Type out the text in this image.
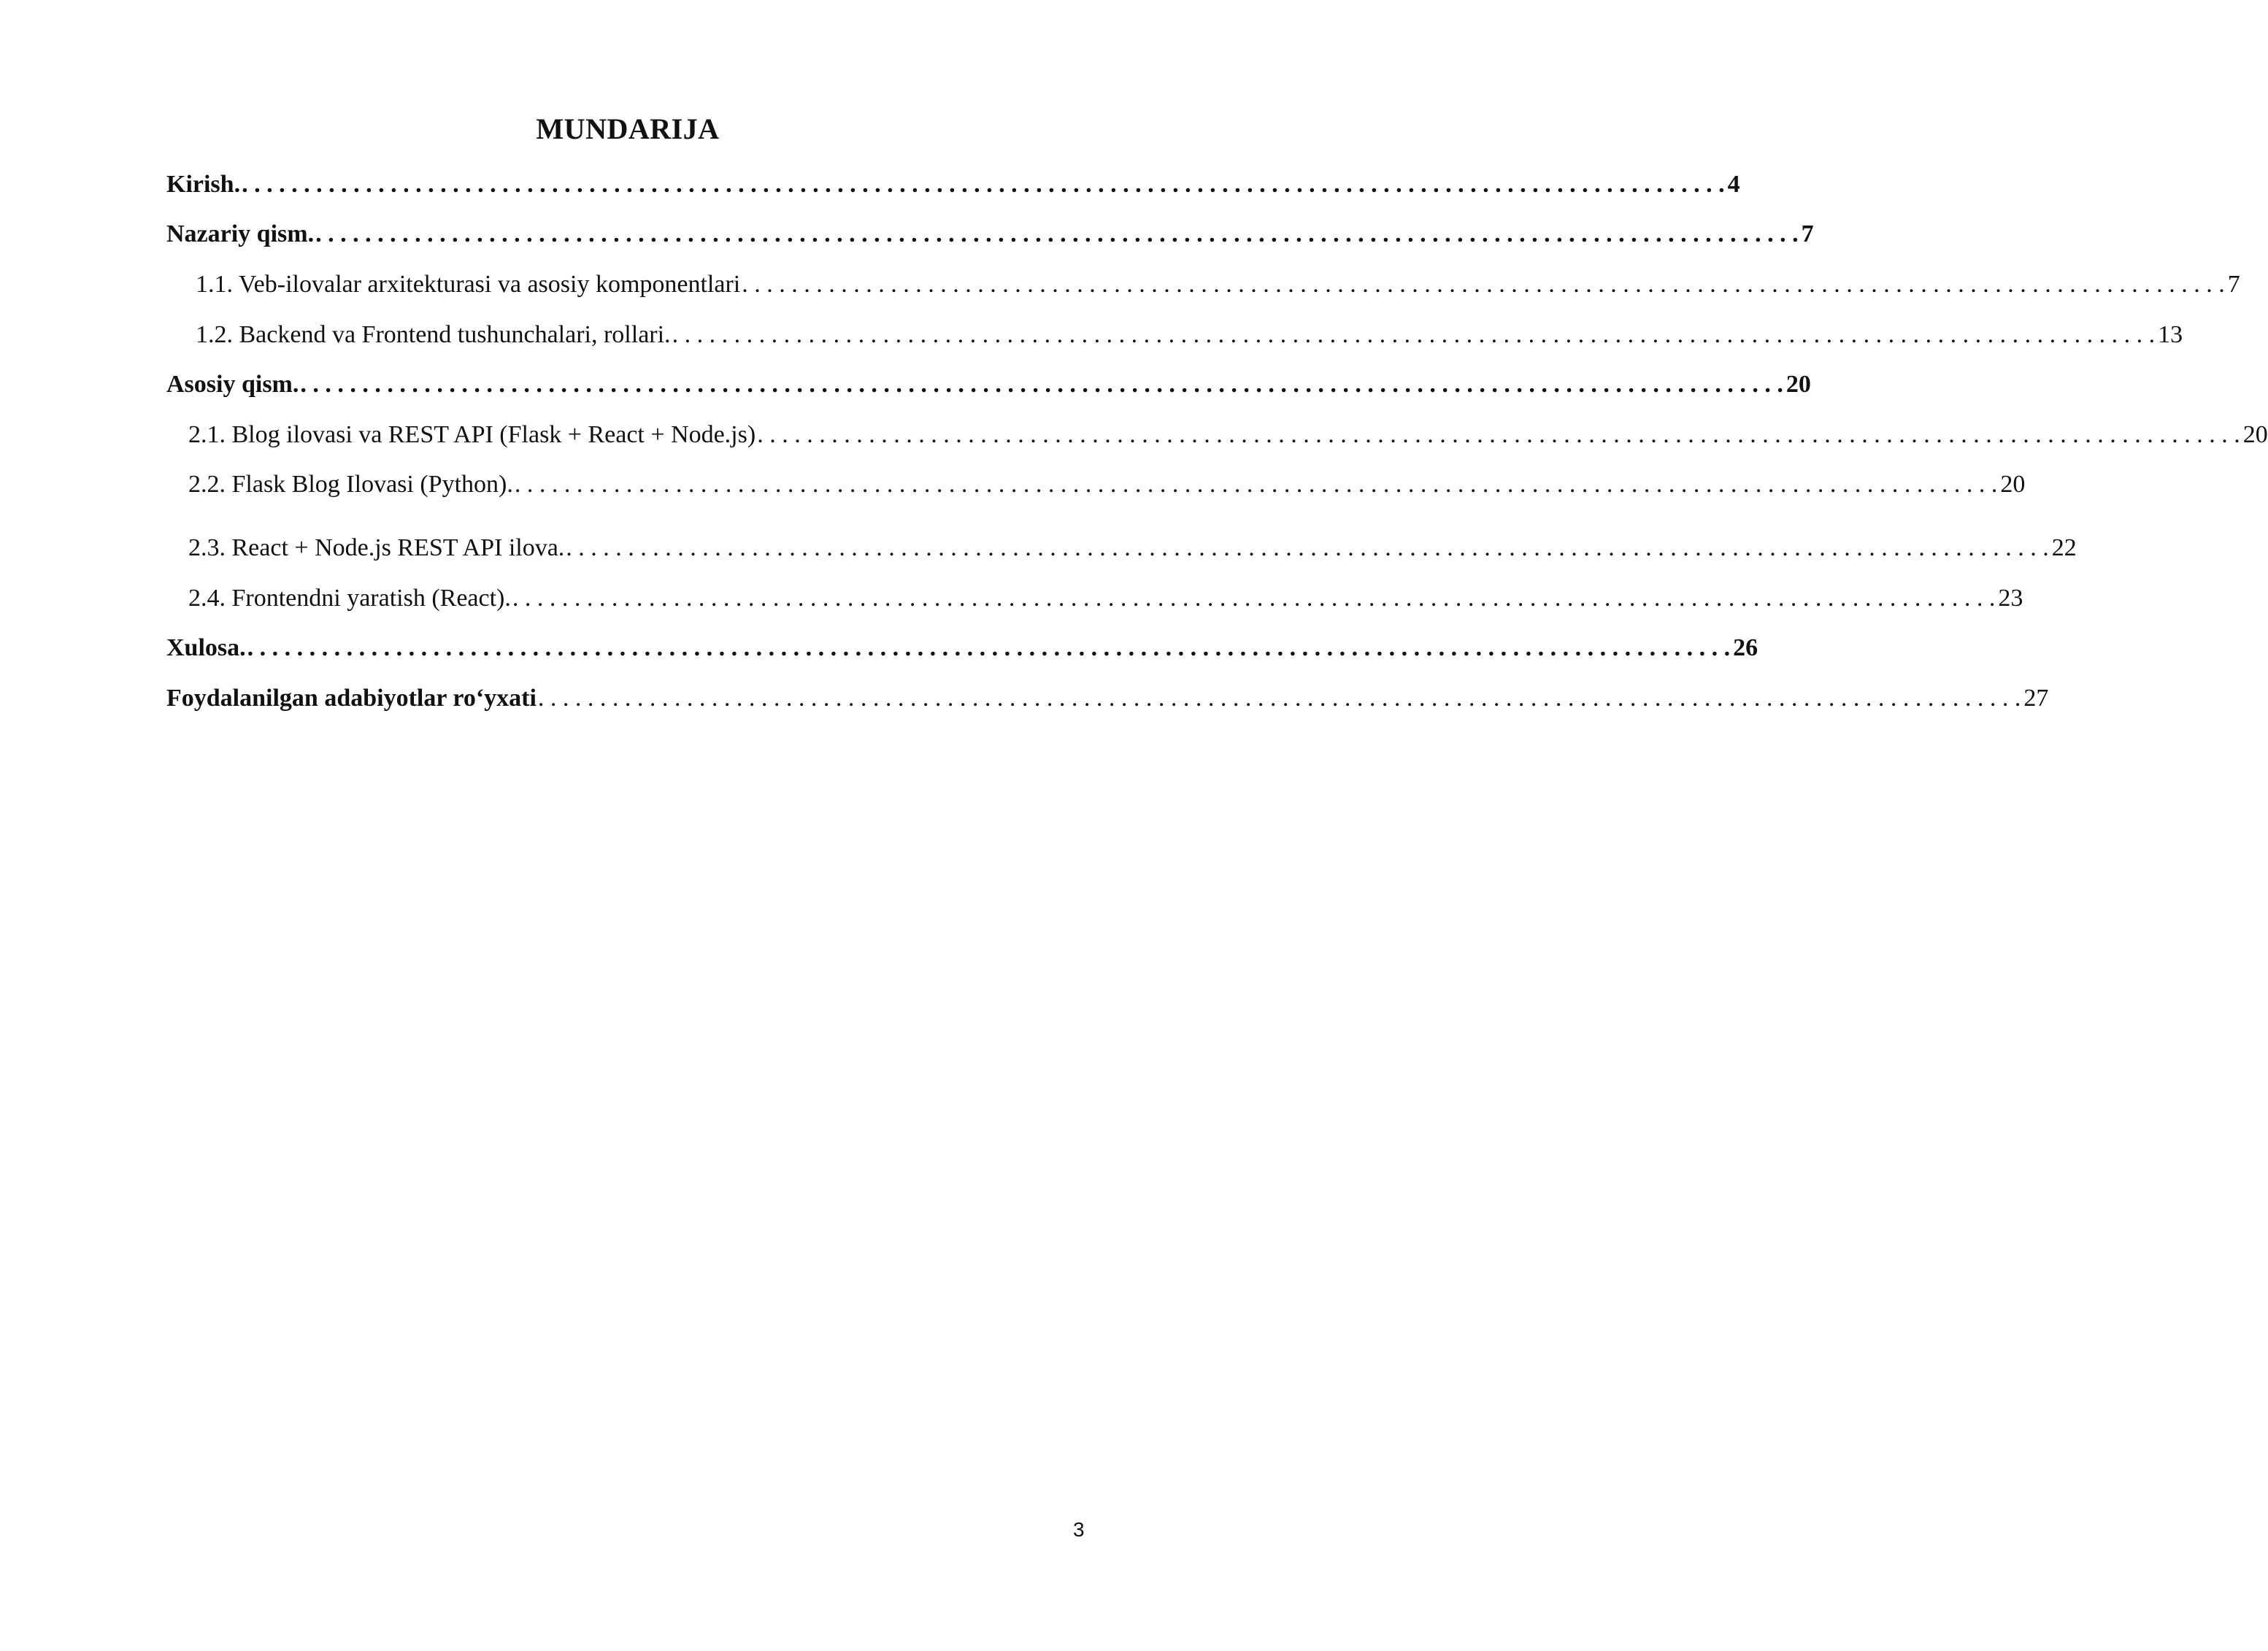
MUNDARIJA
Kirish. . . . . . . . . . . . . . . . . . . . . . . . . . . . . . . . . . . . . . . . . . . . . . . . . . . . . . . . . . . . . . . . . . . . . . . . . . . . . . . . . . . . . . . . . . . . . . . . . . . . . . . . . . . . . . . . . . . . . . . . . 4
Nazariy qism. . . . . . . . . . . . . . . . . . . . . . . . . . . . . . . . . . . . . . . . . . . . . . . . . . . . . . . . . . . . . . . . . . . . . . . . . . . . . . . . . . . . . . . . . . . . . . . . . . . . . . . . . . . . . . . . . . . . . . . . . 7
1.1. Veb-ilovalar arxitekturasi va asosiy komponentlari . . . . . . . . . . . . . . . . . . . . . . . . . . . . . . . . . . . . . . . . . . . . . . . . . . . . . . . . . . . . . . . . . . . . . . . . . . . . . . . . . . . . . . . . . . . . . . . . . . . . . . . . . . . . . . . . . . . . . . . . 7
1.2. Backend va Frontend tushunchalari, rollari. . . . . . . . . . . . . . . . . . . . . . . . . . . . . . . . . . . . . . . . . . . . . . . . . . . . . . . . . . . . . . . . . . . . . . . . . . . . . . . . . . . . . . . . . . . . . . . . . . . . . . . . . . . . . . . . . . . . . . . . . 13
Asosiy qism. . . . . . . . . . . . . . . . . . . . . . . . . . . . . . . . . . . . . . . . . . . . . . . . . . . . . . . . . . . . . . . . . . . . . . . . . . . . . . . . . . . . . . . . . . . . . . . . . . . . . . . . . . . . . . . . . . . . . . . . . 20
2.1. Blog ilovasi va REST API (Flask + React + Node.js) . . . . . . . . . . . . . . . . . . . . . . . . . . . . . . . . . . . . . . . . . . . . . . . . . . . . . . . . . . . . . . . . . . . . . . . . . . . . . . . . . . . . . . . . . . . . . . . . . . . . . . . . . . . . . . . . . . . . . . . . 20
2.2. Flask Blog Ilovasi (Python). . . . . . . . . . . . . . . . . . . . . . . . . . . . . . . . . . . . . . . . . . . . . . . . . . . . . . . . . . . . . . . . . . . . . . . . . . . . . . . . . . . . . . . . . . . . . . . . . . . . . . . . . . . . . . . . . . . . . . . . . 20
2.3. React + Node.js REST API ilova. . . . . . . . . . . . . . . . . . . . . . . . . . . . . . . . . . . . . . . . . . . . . . . . . . . . . . . . . . . . . . . . . . . . . . . . . . . . . . . . . . . . . . . . . . . . . . . . . . . . . . . . . . . . . . . . . . . . . . . . . 22
2.4. Frontendni yaratish (React). . . . . . . . . . . . . . . . . . . . . . . . . . . . . . . . . . . . . . . . . . . . . . . . . . . . . . . . . . . . . . . . . . . . . . . . . . . . . . . . . . . . . . . . . . . . . . . . . . . . . . . . . . . . . . . . . . . . . . . . . 23
Xulosa. . . . . . . . . . . . . . . . . . . . . . . . . . . . . . . . . . . . . . . . . . . . . . . . . . . . . . . . . . . . . . . . . . . . . . . . . . . . . . . . . . . . . . . . . . . . . . . . . . . . . . . . . . . . . . . . . . . . . . . . . 26
Foydalanilgan adabiyotlar ro‘yxati . . . . . . . . . . . . . . . . . . . . . . . . . . . . . . . . . . . . . . . . . . . . . . . . . . . . . . . . . . . . . . . . . . . . . . . . . . . . . . . . . . . . . . . . . . . . . . . . . . . . . . . . . . . . . . . . . . . . . . . . 27
3
